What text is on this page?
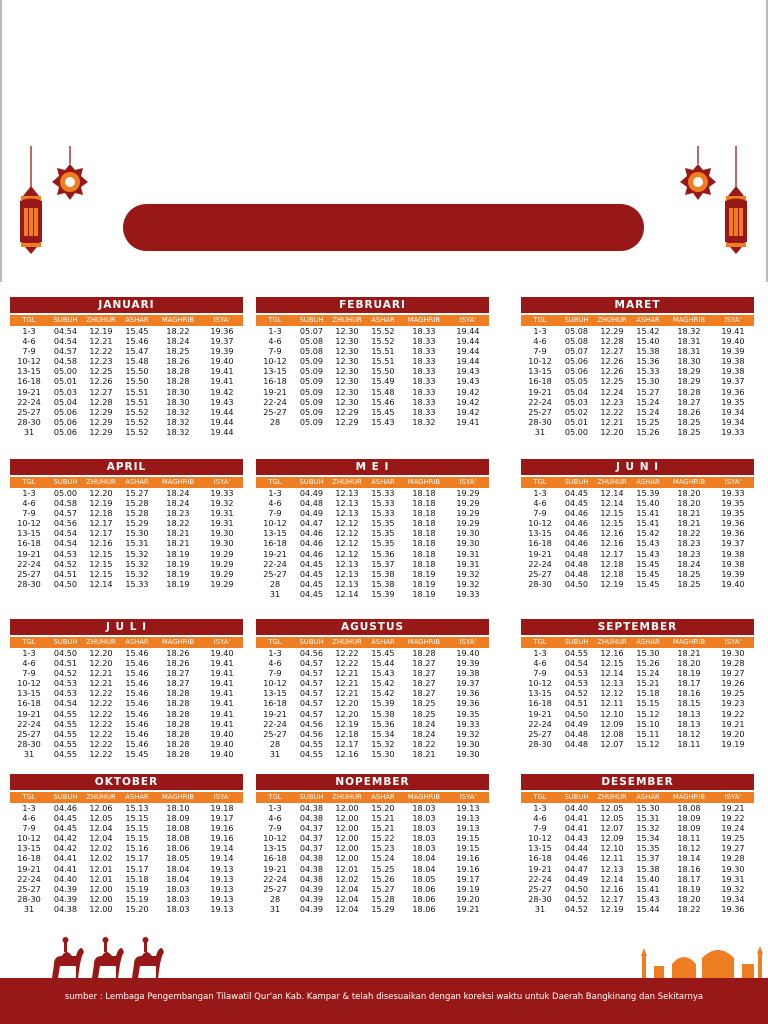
JANUARI
TGL	SUBUH	ZHUHUR	ASHAR	MAGHRIB	ISYA'
1-3	04.54	12.19	15.45	18.22	19.36
4-6	04.54	12.21	15.46	18.24	19.37
7-9	04.57	12.22	15.47	18.25	19.39
10-12	04.58	12.23	15.48	18.26	19.40
13-15	05.00	12.25	15.50	18.28	19.41
16-18	05.01	12.26	15.50	18.28	19.41
19-21	05.03	12.27	15.51	18.30	19.42
22-24	05.04	12.28	15.51	18.30	19.43
25-27	05.06	12.29	15.52	18.32	19.44
28-30	05.06	12.29	15.52	18.32	19.44
31	05.06	12.29	15.52	18.32	19.44
FEBRUARI
TGL	SUBUH	ZHUHUR	ASHAR	MAGHRIB	ISYA'
1-3	05.07	12.30	15.52	18.33	19.44
4-6	05.08	12.30	15.52	18.33	19.44
7-9	05.08	12.30	15.51	18.33	19.44
10-12	05.09	12.30	15.51	18.33	19.44
13-15	05.09	12.30	15.50	18.33	19.43
16-18	05.09	12.30	15.49	18.33	19.43
19-21	05.09	12.30	15.48	18.33	19.42
22-24	05.09	12.30	15.46	18.33	19.42
25-27	05.09	12.29	15.45	18.33	19.42
28	05.09	12.29	15.43	18.32	19.41
MARET
TGL	SUBUH	ZHUHUR	ASHAR	MAGHRIB	ISYA'
1-3	05.08	12.29	15.42	18.32	19.41
4-6	05.08	12.28	15.40	18.31	19.40
7-9	05.07	12.27	15.38	18.31	19.39
10-12	05.06	12.26	15.36	18.30	19.38
13-15	05.06	12.26	15.33	18.29	19.38
16-18	05.05	12.25	15.30	18.29	19.37
19-21	05.04	12.24	15.27	18.28	19.36
22-24	05.03	12.23	15.24	18.27	19.35
25-27	05.02	12.22	15.24	18.26	19.34
28-30	05.01	12.21	15.25	18.25	19.34
31	05.00	12.20	15.26	18.25	19.33
APRIL
TGL	SUBUH	ZHUHUR	ASHAR	MAGHRIB	ISYA'
1-3	05.00	12.20	15.27	18.24	19.33
4-6	04.58	12.19	15.28	18.24	19.32
7-9	04.57	12.18	15.28	18.23	19.31
10-12	04.56	12.17	15.29	18.22	19.31
13-15	04.54	12.17	15.30	18.21	19.30
16-18	04.54	12.16	15.31	18.21	19.30
19-21	04.53	12.15	15.32	18.19	19.29
22-24	04.52	12.15	15.32	18.19	19.29
25-27	04.51	12.15	15.32	18.19	19.29
28-30	04.50	12.14	15.33	18.19	19.29
M E I
TGL	SUBUH	ZHUHUR	ASHAR	MAGHRIB	ISYA'
1-3	04.49	12.13	15.33	18.18	19.29
4-6	04.48	12.13	15.33	18.18	19.29
7-9	04.49	12.13	15.33	18.18	19.29
10-12	04.47	12.12	15.35	18.18	19.29
13-15	04.46	12.12	15.35	18.18	19.30
16-18	04.46	12.12	15.35	18.18	19.30
19-21	04.46	12.12	15.36	18.18	19.31
22-24	04.45	12.13	15.37	18.18	19.31
25-27	04.45	12.13	15.38	18.19	19.32
28	04.45	12.13	15.38	18.19	19.32
31	04.45	12.14	15.39	18.19	19.33
J U N I
TGL	SUBUH	ZHUHUR	ASHAR	MAGHRIB	ISYA'
1-3	04.45	12.14	15.39	18.20	19.33
4-6	04.45	12.14	15.40	18.20	19.35
7-9	04.46	12.15	15.41	18.21	19.35
10-12	04.46	12.15	15.41	18.21	19.36
13-15	04.46	12.16	15.42	18.22	19.36
16-18	04.46	12.16	15.43	18.23	19.37
19-21	04.48	12.17	15.43	18.23	19.38
22-24	04.48	12.18	15.45	18.24	19.38
25-27	04.48	12.18	15.45	18.25	19.39
28-30	04.50	12.19	15.45	18.25	19.40
J U L I
TGL	SUBUH	ZHUHUR	ASHAR	MAGHRIB	ISYA'
1-3	04.50	12.20	15.46	18.26	19.40
4-6	04.51	12.20	15.46	18.26	19.41
7-9	04.52	12.21	15.46	18.27	19.41
10-12	04.53	12.21	15.46	18.27	19.41
13-15	04.53	12.22	15.46	18.28	19.41
16-18	04.54	12.22	15.46	18.28	19.41
19-21	04.55	12.22	15.46	18.28	19.41
22-24	04.55	12.22	15.46	18.28	19.41
25-27	04.55	12.22	15.46	18.28	19.40
28-30	04.55	12.22	15.46	18.28	19.40
31	04.55	12.22	15.45	18.28	19.40
AGUSTUS
TGL	SUBUH	ZHUHUR	ASHAR	MAGHRIB	ISYA'
1-3	04.56	12.22	15.45	18.28	19.40
4-6	04.57	12.22	15.44	18.27	19.39
7-9	04.57	12.21	15.43	18.27	19.38
10-12	04.57	12.21	15.42	18.27	19.37
13-15	04.57	12.21	15.42	18.27	19.36
16-18	04.57	12.20	15.39	18.25	19.36
19-21	04.57	12.20	15.38	18.25	19.35
22-24	04.56	12.19	15.36	18.24	19.33
25-27	04.56	12.18	15.34	18.24	19.32
28	04.55	12.17	15.32	18.22	19.30
31	04.55	12.16	15.30	18.21	19.30
SEPTEMBER
TGL	SUBUH	ZHUHUR	ASHAR	MAGHRIB	ISYA'
1-3	04.55	12.16	15.30	18.21	19.30
4-6	04.54	12.15	15.26	18.20	19.28
7-9	04.53	12.14	15.24	18.19	19.27
10-12	04.53	12.13	15.21	18.17	19.26
13-15	04.52	12.12	15.18	18.16	19.25
16-18	04.51	12.11	15.15	18.15	19.23
19-21	04.50	12.10	15.12	18.13	19.22
22-24	04.49	12.09	15.10	18.13	19.21
25-27	04.48	12.08	15.11	18.12	19.20
28-30	04.48	12.07	15.12	18.11	19.19
OKTOBER
TGL	SUBUH	ZHUHUR	ASHAR	MAGHRIB	ISYA'
1-3	04.46	12.06	15.13	18.10	19.18
4-6	04.45	12.05	15.15	18.09	19.17
7-9	04.45	12.04	15.15	18.08	19.16
10-12	04.42	12.04	15.15	18.08	19.16
13-15	04.42	12.02	15.16	18.06	19.14
16-18	04.41	12.02	15.17	18.05	19.14
19-21	04.41	12.01	15.17	18.04	19.13
22-24	04.40	12.01	15.18	18.04	19.13
25-27	04.39	12.00	15.19	18.03	19.13
28-30	04.39	12.00	15.19	18.03	19.13
31	04.38	12.00	15.20	18.03	19.13
NOPEMBER
TGL	SUBUH	ZHUHUR	ASHAR	MAGHRIB	ISYA'
1-3	04.38	12.00	15.20	18.03	19.13
4-6	04.38	12.00	15.21	18.03	19.13
7-9	04.37	12.00	15.21	18.03	19.13
10-12	04.37	12.00	15.22	18.03	19.15
13-15	04.37	12.00	15.23	18.03	19.15
16-18	04.38	12.00	15.24	18.04	19.16
19-21	04.38	12.01	15.25	18.04	19.16
22-24	04.38	12.02	15.26	18.05	19.17
25-27	04.39	12.04	15.27	18.06	19.19
28	04.39	12.04	15.28	18.06	19.20
31	04.39	12.04	15.29	18.06	19.21
DESEMBER
TGL	SUBUH	ZHUHUR	ASHAR	MAGHRIB	ISYA'
1-3	04.40	12.05	15.30	18.08	19.21
4-6	04.41	12.05	15.31	18.09	19.22
7-9	04.41	12.07	15.32	18.09	19.24
10-12	04.43	12.09	15.34	18.11	19.25
13-15	04.44	12.10	15.35	18.12	19.27
16-18	04.46	12.11	15.37	18.14	19.28
19-21	04.47	12.13	15.38	18.16	19.30
22-24	04.49	12.14	15.40	18.17	19.31
25-27	04.50	12.16	15.41	18.19	19.32
28-30	04.52	12.17	15.43	18.20	19.34
31	04.52	12.19	15.44	18.22	19.36
sumber : Lembaga Pengembangan Tilawatil Qur'an Kab. Kampar & telah disesuaikan dengan koreksi waktu untuk Daerah Bangkinang dan Sekitarnya
